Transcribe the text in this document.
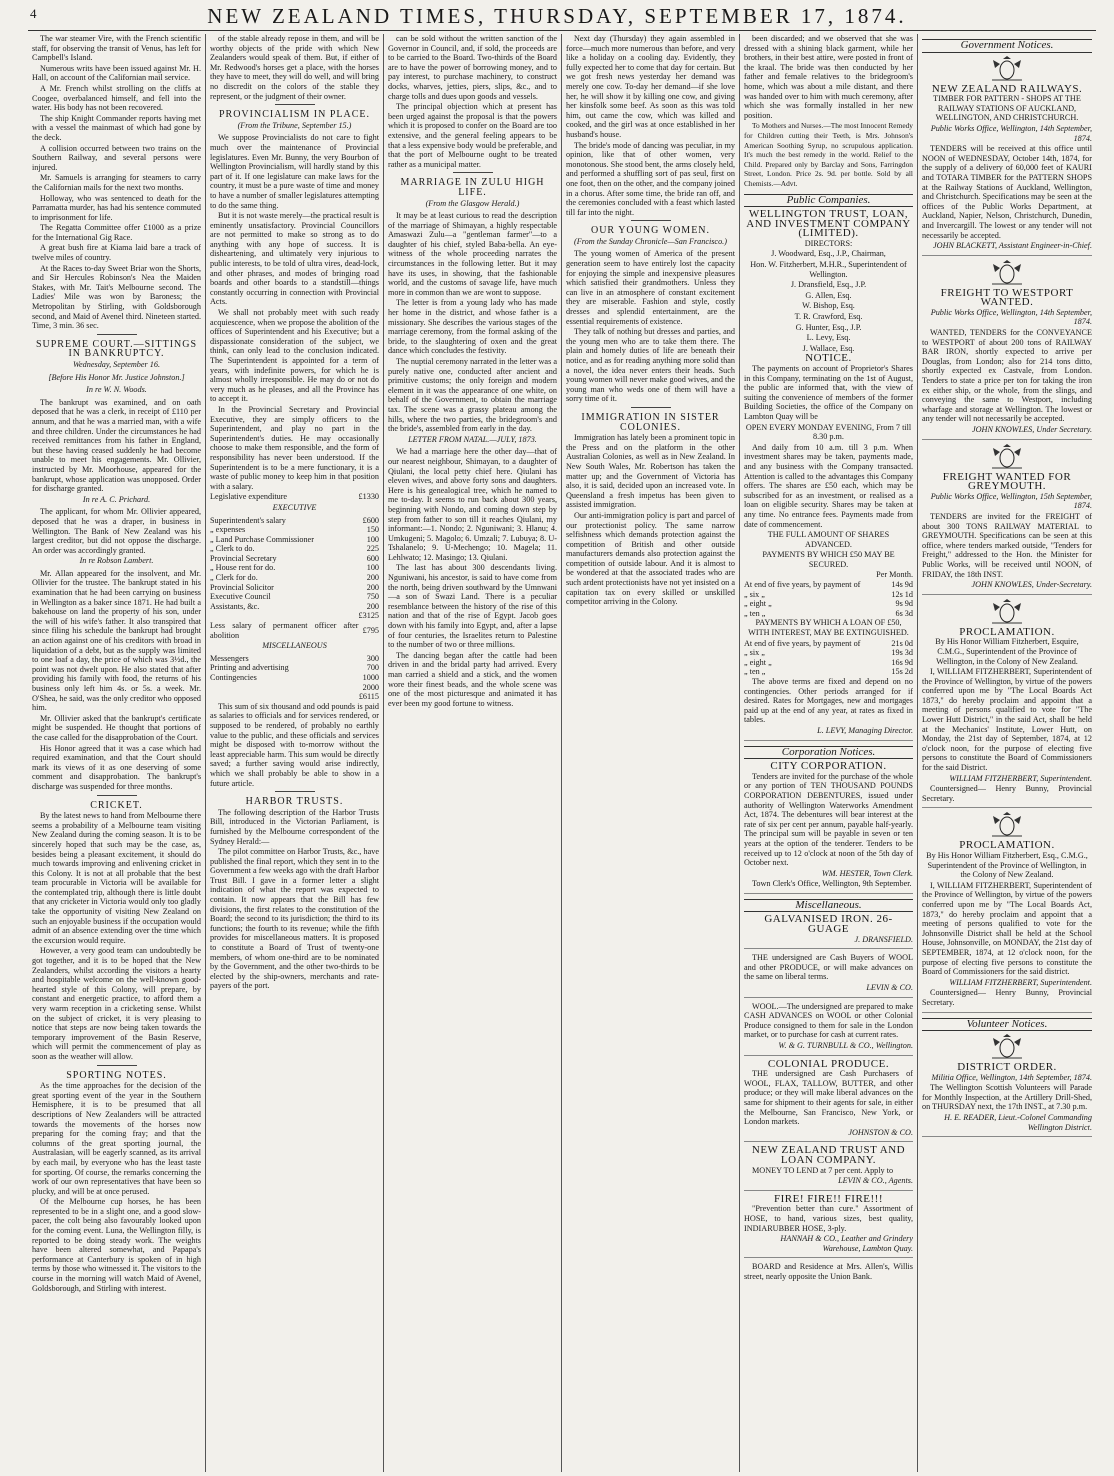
4	NEW ZEALAND TIMES, THURSDAY, SEPTEMBER 17, 1874.

The war steamer Vire, with the French scientific staff, for observing the transit of Venus, has left for Campbell's Island.

Numerous writs have been issued against Mr. H. Hall, on account of the Californian mail service.

A Mr. French whilst strolling on the cliffs at Coogee, overbalanced himself, and fell into the water. His body has not been recovered.

The ship Knight Commander reports having met with a vessel the mainmast of which had gone by the deck.

A collision occurred between two trains on the Southern Railway, and several persons were injured.

Mr. Samuels is arranging for steamers to carry the Californian mails for the next two months.

Holloway, who was sentenced to death for the Parramatta murder, has had his sentence commuted to imprisonment for life.

The Regatta Committee offer £1000 as a prize for the International Gig Race.

A great bush fire at Kiama laid bare a track of twelve miles of country.

At the Races to-day Sweet Briar won the Shorts, and Sir Hercules Robinson's Nea the Maiden Stakes, with Mr. Tait's Melbourne second. The Ladies' Mile was won by Baroness; the Metropolitan by Stirling, with Goldsborough second, and Maid of Avenel third. Nineteen started. Time, 3 min. 36 sec.

SUPREME COURT.—SITTINGS IN BANKRUPTCY.
Wednesday, September 16.
[Before His Honor Mr. Justice Johnston.]
In re W. N. Woods.

The bankrupt was examined, and on oath deposed that he was a clerk, in receipt of £110 per annum, and that he was a married man, with a wife and three children. Under the circumstances he had received remittances from his father in England, but these having ceased suddenly he had become unable to meet his engagements. Mr. Ollivier, instructed by Mr. Moorhouse, appeared for the bankrupt, whose application was unopposed. Order for discharge granted.

In re A. C. Prichard.

The applicant, for whom Mr. Ollivier appeared, deposed that he was a draper, in business in Wellington. The Bank of New Zealand was his largest creditor, but did not oppose the discharge. An order was accordingly granted.

In re Robson Lambert.

Mr. Allan appeared for the insolvent, and Mr. Ollivier for the trustee. The bankrupt stated in his examination that he had been carrying on business in Wellington as a baker since 1871. He had built a bakehouse on land the property of his son, under the will of his wife's father. It also transpired that since filing his schedule the bankrupt had brought an action against one of his creditors with broad in liquidation of a debt, but as the supply was limited to one loaf a day, the price of which was 3½d., the point was not dwelt upon. He also stated that after providing his family with food, the returns of his business only left him 4s. or 5s. a week. Mr. O'Shea, he said, was the only creditor who opposed him.

Mr. Ollivier asked that the bankrupt's certificate might be suspended. He thought that portions of the case called for the disapprobation of the Court.

His Honor agreed that it was a case which had required examination, and that the Court should mark its views of it as one deserving of some comment and disapprobation. The bankrupt's discharge was suspended for three months.

CRICKET.

By the latest news to hand from Melbourne there seems a probability of a Melbourne team visiting New Zealand during the coming season. It is to be sincerely hoped that such may be the case, as, besides being a pleasant excitement, it should do much towards improving and enlivening cricket in this Colony. It is not at all probable that the best team procurable in Victoria will be available for the contemplated trip, although there is little doubt that any cricketer in Victoria would only too gladly take the opportunity of visiting New Zealand on such an enjoyable business if the occupation would admit of an absence extending over the time which the excursion would require.

However, a very good team can undoubtedly be got together, and it is to be hoped that the New Zealanders, whilst according the visitors a hearty and hospitable welcome on the well-known good-hearted style of this Colony, will prepare, by constant and energetic practice, to afford them a very warm reception in a cricketing sense. Whilst on the subject of cricket, it is very pleasing to notice that steps are now being taken towards the temporary improvement of the Basin Reserve, which will permit the commencement of play as soon as the weather will allow.

SPORTING NOTES.

As the time approaches for the decision of the great sporting event of the year in the Southern Hemisphere, it is to be presumed that all descriptions of New Zealanders will be attracted towards the movements of the horses now preparing for the coming fray; and that the columns of the great sporting journal, the Australasian, will be eagerly scanned, as its arrival by each mail, by everyone who has the least taste for sporting. Of course, the remarks concerning the work of our own representatives that have been so plucky, and will be at once perused.

Of the Melbourne cup horses, he has been represented to be in a slight one, and a good slow-pacer, the colt being also favourably looked upon for the coming event. Luna, the Wellington filly, is reported to be doing steady work. The weights have been altered somewhat, and Papapa's performance at Canterbury is spoken of in high terms by those who witnessed it. The visitors to the course in the morning will watch Maid of Avenel, Goldsborough, and Stirling with interest.

of the stable already repose in them, and will be worthy objects of the pride with which New Zealanders would speak of them. But, if either of Mr. Redwood's horses get a place, with the horses they have to meet, they will do well, and will bring no discredit on the colors of the stable they represent, or the judgment of their owner.

PROVINCIALISM IN PLACE.
(From the Tribune, September 15.)

We suppose Provincialists do not care to fight much over the maintenance of Provincial legislatures. Even Mr. Bunny, the very Bourbon of Wellington Provincialism, will hardly stand by this part of it. If one legislature can make laws for the country, it must be a pure waste of time and money to have a number of smaller legislatures attempting to do the same thing.

But it is not waste merely—the practical result is eminently unsatisfactory. Provincial Councillors are not permitted to make so strong as to do anything with any hope of success. It is disheartening, and ultimately very injurious to public interests, to be told of ultra vires, dead-lock, and other phrases, and modes of bringing road boards and other boards to a standstill—things constantly occurring in connection with Provincial Acts.

We shall not probably meet with such ready acquiescence, when we propose the abolition of the offices of Superintendent and his Executive; but a dispassionate consideration of the subject, we think, can only lead to the conclusion indicated. The Superintendent is appointed for a term of years, with indefinite powers, for which he is almost wholly irresponsible. He may do or not do very much as he pleases, and all the Province has to accept it.

In the Provincial Secretary and Provincial Executive, they are simply officers to the Superintendent, and play no part in the Superintendent's duties. He may occasionally choose to make them responsible, and the form of responsibility has never been understood. If the Superintendent is to be a mere functionary, it is a waste of public money to keep him in that position with a salary.

Legislative expenditure	£1330
EXECUTIVE
Superintendent's salary	£600
„ expenses	150
„ Land Purchase Commissioner	100
„ Clerk to do.	225
Provincial Secretary	600
„ House rent for do.	100
„ Clerk for do.	200
Provincial Solicitor	200
Executive Council	750
Assistants, &c.	200
	£3125
Less salary of permanent officer after abolition	£795
MISCELLANEOUS
Messengers	300
Printing and advertising	700
Contingencies	1000
	2000
	£6115

This sum of six thousand and odd pounds is paid as salaries to officials and for services rendered, or supposed to be rendered, of probably no earthly value to the public, and these officials and services might be disposed with to-morrow without the least appreciable harm. This sum would be directly saved; a further saving would arise indirectly, which we shall probably be able to show in a future article.

HARBOR TRUSTS.

The following description of the Harbor Trusts Bill, introduced in the Victorian Parliament, is furnished by the Melbourne correspondent of the Sydney Herald:—

The pilot committee on Harbor Trusts, &c., have published the final report, which they sent in to the Government a few weeks ago with the draft Harbor Trust Bill. I gave in a former letter a slight indication of what the report was expected to contain. It now appears that the Bill has few divisions, the first relates to the constitution of the Board; the second to its jurisdiction; the third to its functions; the fourth to its revenue; while the fifth provides for miscellaneous matters. It is proposed to constitute a Board of Trust of twenty-one members, of whom one-third are to be nominated by the Government, and the other two-thirds to be elected by the ship-owners, merchants and rate-payers of the port.

can be sold without the written sanction of the Governor in Council, and, if sold, the proceeds are to be carried to the Board. Two-thirds of the Board are to have the power of borrowing money, and to pay interest, to purchase machinery, to construct docks, wharves, jetties, piers, slips, &c., and to charge tolls and dues upon goods and vessels.

The principal objection which at present has been urged against the proposal is that the powers which it is proposed to confer on the Board are too extensive, and the general feeling appears to be that a less expensive body would be preferable, and that the port of Melbourne ought to be treated rather as a municipal matter.

MARRIAGE IN ZULU HIGH LIFE.
(From the Glasgow Herald.)

It may be at least curious to read the description of the marriage of Shimayan, a highly respectable Amaswazi Zulu—a "gentleman farmer"—to a daughter of his chief, styled Baba-bella. An eye-witness of the whole proceeding narrates the circumstances in the following letter. But it may have its uses, in showing, that the fashionable world, and the customs of savage life, have much more in common than we are wont to suppose.

The letter is from a young lady who has made her home in the district, and whose father is a missionary. She describes the various stages of the marriage ceremony, from the formal asking of the bride, to the slaughtering of oxen and the great dance which concludes the festivity.

The nuptial ceremony narrated in the letter was a purely native one, conducted after ancient and primitive customs; the only foreign and modern element in it was the appearance of one white, on behalf of the Government, to obtain the marriage tax. The scene was a grassy plateau among the hills, where the two parties, the bridegroom's and the bride's, assembled from early in the day.

LETTER FROM NATAL.—JULY, 1873.

We had a marriage here the other day—that of our nearest neighbour, Shimayan, to a daughter of Qiulani, the local petty chief here. Qiulani has eleven wives, and above forty sons and daughters. Here is his genealogical tree, which he named to me to-day. It seems to run back about 300 years, beginning with Nondo, and coming down step by step from father to son till it reaches Qiulani, my informant:—1. Nondo; 2. Nguniwani; 3. Hlanu; 4. Umkugeni; 5. Magolo; 6. Umzali; 7. Lubuya; 8. U-Tshalanelo; 9. U-Mechengo; 10. Magela; 11. Lehlwato; 12. Masingo; 13. Qiulani.

The last has about 300 descendants living. Nguniwani, his ancestor, is said to have come from the north, being driven southward by the Umnwani—a son of Swazi Land. There is a peculiar resemblance between the history of the rise of this nation and that of the rise of Egypt. Jacob goes down with his family into Egypt, and, after a lapse of four centuries, the Israelites return to Palestine to the number of two or three millions.

The dancing began after the cattle had been driven in and the bridal party had arrived. Every man carried a shield and a stick, and the women wore their finest beads, and the whole scene was one of the most picturesque and animated it has ever been my good fortune to witness.

Next day (Thursday) they again assembled in force—much more numerous than before, and very like a holiday on a cooling day. Evidently, they fully expected her to come that day for certain. But we got fresh news yesterday her demand was merely one cow. To-day her demand—if she love her, he will show it by killing one cow, and giving her kinsfolk some beef. As soon as this was told him, out came the cow, which was killed and cooked, and the girl was at once established in her husband's house.

The bride's mode of dancing was peculiar, in my opinion, like that of other women, very monotonous. She stood bent, the arms closely held, and performed a shuffling sort of pas seul, first on one foot, then on the other, and the company joined in a chorus. After some time, the bride ran off, and the ceremonies concluded with a feast which lasted till far into the night.

OUR YOUNG WOMEN.
(From the Sunday Chronicle—San Francisco.)

The young women of America of the present generation seem to have entirely lost the capacity for enjoying the simple and inexpensive pleasures which satisfied their grandmothers. Unless they can live in an atmosphere of constant excitement they are miserable. Fashion and style, costly dresses and splendid entertainment, are the essential requirements of existence.

They talk of nothing but dresses and parties, and the young men who are to take them there. The plain and homely duties of life are beneath their notice, and as for reading anything more solid than a novel, the idea never enters their heads. Such young women will never make good wives, and the young man who weds one of them will have a sorry time of it.

IMMIGRATION IN SISTER COLONIES.

Immigration has lately been a prominent topic in the Press and on the platform in the other Australian Colonies, as well as in New Zealand. In New South Wales, Mr. Robertson has taken the matter up; and the Government of Victoria has also, it is said, decided upon an increased vote. In Queensland a fresh impetus has been given to assisted immigration.

Our anti-immigration policy is part and parcel of our protectionist policy. The same narrow selfishness which demands protection against the competition of British and other outside manufacturers demands also protection against the competition of outside labour. And it is almost to be wondered at that the associated trades who are such ardent protectionists have not yet insisted on a capitation tax on every skilled or unskilled competitor arriving in the Colony.

been discarded; and we observed that she was dressed with a shining black garment, while her brothers, in their best attire, were posted in front of the kraal. The bride was then conducted by her father and female relatives to the bridegroom's home, which was about a mile distant, and there was handed over to him with much ceremony, after which she was formally installed in her new position.

To Mothers and Nurses.—The most Innocent Remedy for Children cutting their Teeth, is Mrs. Johnson's American Soothing Syrup, no scrupulous application. It's much the best remedy in the world. Relief to the Child. Prepared only by Barclay and Sons, Farringdon Street, London. Price 2s. 9d. per bottle. Sold by all Chemists.—Advt.

Public Companies.
WELLINGTON TRUST, LOAN, AND INVESTMENT COMPANY (LIMITED).

DIRECTORS:

J. Woodward, Esq., J.P., Chairman,

Hon. W. Fitzherbert, M.H.R., Superintendent of Wellington.

J. Dransfield, Esq., J.P.

G. Allen, Esq.

W. Bishop, Esq.

T. R. Crawford, Esq.

G. Hunter, Esq., J.P.

L. Levy, Esq.

J. Wallace, Esq.

NOTICE.

The payments on account of Proprietor's Shares in this Company, terminating on the 1st of August, the public are informed that, with the view of suiting the convenience of members of the former Building Societies, the office of the Company on Lambton Quay will be

OPEN EVERY MONDAY EVENING, From 7 till 8.30 p.m.

And daily from 10 a.m. till 3 p.m. When investment shares may be taken, payments made, and any business with the Company transacted. Attention is called to the advantages this Company offers. The shares are £50 each, which may be subscribed for as an investment, or realised as a loan on eligible security. Shares may be taken at any time. No entrance fees. Payments made from date of commencement.

THE FULL AMOUNT OF SHARES ADVANCED.

PAYMENTS BY WHICH £50 MAY BE SECURED.

	Per Month.
At end of five years, by payment of	14s 9d
„ six „	12s 1d
„ eight „	9s 9d
„ ten „	6s 3d

PAYMENTS BY WHICH A LOAN OF £50, WITH INTEREST, MAY BE EXTINGUISHED.

At end of five years, by payment of	21s 0d
„ six „	19s 3d
„ eight „	16s 9d
„ ten „	15s 2d

The above terms are fixed and depend on no contingencies. Other periods arranged for if desired. Rates for Mortgages, new and mortgages paid up at the end of any year, at rates as fixed in tables.

L. LEVY, Managing Director.

Corporation Notices.
CITY CORPORATION.

Tenders are invited for the purchase of the whole or any portion of TEN THOUSAND POUNDS CORPORATION DEBENTURES, issued under authority of Wellington Waterworks Amendment Act, 1874. The debentures will bear interest at the rate of six per cent per annum, payable half-yearly. The principal sum will be payable in seven or ten years at the option of the tenderer. Tenders to be received up to 12 o'clock at noon of the 5th day of October next.

WM. HESTER, Town Clerk.

Town Clerk's Office, Wellington, 9th September.

Miscellaneous.
GALVANISED IRON. 26-GUAGE

J. DRANSFIELD.

THE undersigned are Cash Buyers of WOOL and other PRODUCE, or will make advances on the same on liberal terms.

LEVIN & CO.

WOOL.—The undersigned are prepared to make CASH ADVANCES on WOOL or other Colonial Produce consigned to them for sale in the London market, or to purchase for cash at current rates.

W. & G. TURNBULL & CO., Wellington.

COLONIAL PRODUCE.

THE undersigned are Cash Purchasers of WOOL, FLAX, TALLOW, BUTTER, and other produce; or they will make liberal advances on the same for shipment to their agents for sale, in either the Melbourne, San Francisco, New York, or London markets.

JOHNSTON & CO.

NEW ZEALAND TRUST AND LOAN COMPANY.

MONEY TO LEND at 7 per cent. Apply to

LEVIN & CO., Agents.

FIRE! FIRE!! FIRE!!!

"Prevention better than cure." Assortment of HOSE, to hand, various sizes, best quality, INDIARUBBER HOSE, 3-ply.

HANNAH & CO., Leather and Grindery Warehouse, Lambton Quay.

BOARD and Residence at Mrs. Allen's, Willis street, nearly opposite the Union Bank.

Government Notices.
NEW ZEALAND RAILWAYS.

TIMBER FOR PATTERN - SHOPS AT THE RAILWAY STATIONS OF AUCKLAND, WELLINGTON, AND CHRISTCHURCH.

Public Works Office, Wellington, 14th September, 1874.

TENDERS will be received at this office until NOON of WEDNESDAY, October 14th, 1874, for the supply of a delivery of 60,000 feet of KAURI and TOTARA TIMBER for the PATTERN SHOPS at the Railway Stations of Auckland, Wellington, and Christchurch. Specifications may be seen at the offices of the Public Works Department, at Auckland, Napier, Nelson, Christchurch, Dunedin, and Invercargill. The lowest or any tender will not necessarily be accepted.

JOHN BLACKETT, Assistant Engineer-in-Chief.

FREIGHT TO WESTPORT WANTED.

Public Works Office, Wellington, 14th September, 1874.

WANTED, TENDERS for the CONVEYANCE to WESTPORT of about 200 tons of RAILWAY BAR IRON, shortly expected to arrive per Douglas, from London; also for 214 tons ditto, shortly expected ex Castvale, from London. Tenders to state a price per ton for taking the iron ex either ship, or the whole, from the slings, and conveying the same to Westport, including wharfage and storage at Wellington. The lowest or any tender will not necessarily be accepted.

JOHN KNOWLES, Under Secretary.

FREIGHT WANTED FOR GREYMOUTH.

Public Works Office, Wellington, 15th September, 1874.

TENDERS are invited for the FREIGHT of about 300 TONS RAILWAY MATERIAL to GREYMOUTH. Specifications can be seen at this office, where tenders marked outside, "Tenders for Freight," addressed to the Hon. the Minister for Public Works, will be received until NOON, of FRIDAY, the 18th INST.

JOHN KNOWLES, Under-Secretary.

PROCLAMATION.

By His Honor William Fitzherbert, Esquire, C.M.G., Superintendent of the Province of Wellington, in the Colony of New Zealand.

I, WILLIAM FITZHERBERT, Superintendent of the Province of Wellington, by virtue of the powers conferred upon me by "The Local Boards Act 1873," do hereby proclaim and appoint that a meeting of persons qualified to vote for "The Lower Hutt District," in the said Act, shall be held at the Mechanics' Institute, Lower Hutt, on Monday, the 21st day of September, 1874, at 12 o'clock noon, for the purpose of electing five persons to constitute the Board of Commissioners for the said District.

WILLIAM FITZHERBERT, Superintendent.

Countersigned— Henry Bunny, Provincial Secretary.

PROCLAMATION.

By His Honor William Fitzherbert, Esq., C.M.G., Superintendent of the Province of Wellington, in the Colony of New Zealand.

I, WILLIAM FITZHERBERT, Superintendent of the Province of Wellington, by virtue of the powers conferred upon me by "The Local Boards Act, 1873," do hereby proclaim and appoint that a meeting of persons qualified to vote for the Johnsonville District shall be held at the School House, Johnsonville, on MONDAY, the 21st day of SEPTEMBER, 1874, at 12 o'clock noon, for the purpose of electing five persons to constitute the Board of Commissioners for the said district.

WILLIAM FITZHERBERT, Superintendent.

Countersigned— Henry Bunny, Provincial Secretary.

Volunteer Notices.
DISTRICT ORDER.

Militia Office, Wellington, 14th September, 1874.

The Wellington Scottish Volunteers will Parade for Monthly Inspection, at the Artillery Drill-Shed, on THURSDAY next, the 17th INST., at 7.30 p.m.

H. E. READER, Lieut.-Colonel Commanding Wellington District.
